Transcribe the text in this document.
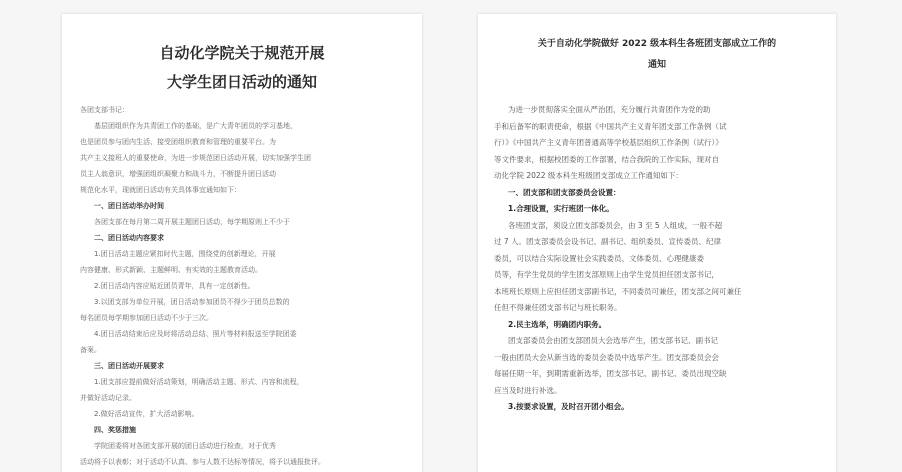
自动化学院关于规范开展
大学生团日活动的通知

各团支部书记：

基层团组织作为共青团工作的基础，是广大青年团员的学习基地，

也是团员参与团内生活、接受团组织教育和管理的重要平台。为

共产主义接班人的重要使命，为进一步规范团日活动开展，切实加强学生团

员主人翁意识，增强团组织凝聚力和战斗力，不断提升团日活动

规范化水平，现就团日活动有关具体事宜通知如下：

一、团日活动举办时间

各团支部在每月第二周开展主题团日活动，每学期原则上不少于

二、团日活动内容要求

1.团日活动主题应紧扣时代主题，围绕党的创新理论，开展

内容健康、形式新颖、主题鲜明、有实效的主题教育活动。

2.团日活动内容应贴近团员青年，具有一定创新性。

3.以团支部为单位开展，团日活动参加团员不得少于团员总数的

每名团员每学期参加团日活动不少于三次。

4.团日活动结束后应及时将活动总结、照片等材料报送至学院团委

备案。

三、团日活动开展要求

1.团支部应提前做好活动策划，明确活动主题、形式、内容和流程，

并做好活动记录。

2.做好活动宣传，扩大活动影响。

四、奖惩措施

学院团委将对各团支部开展的团日活动进行检查，对于优秀

活动将予以表彰；对于活动不认真、参与人数不达标等情况，将予以通报批评。

关于自动化学院做好 2022 级本科生各班团支部成立工作的
通知

为进一步贯彻落实全面从严治团，充分履行共青团作为党的助

手和后备军的职责使命，根据《中国共产主义青年团支部工作条例（试

行）》《中国共产主义青年团普通高等学校基层组织工作条例（试行）》

等文件要求，根据校团委的工作部署，结合我院的工作实际，现对自

动化学院 2022 级本科生班级团支部成立工作通知如下：

一、团支部和团支部委员会设置：

1.合理设置，实行班团一体化。

各班团支部，须设立团支部委员会，由 3 至 5 人组成，一般不超

过 7 人。团支部委员会设书记、副书记、组织委员、宣传委员、纪律

委员，可以结合实际设置社会实践委员、文体委员、心理健康委

员等，有学生党员的学生团支部原则上由学生党员担任团支部书记，

本班班长原则上应担任团支部副书记，不同委员可兼任，团支部之间可兼任

任但不得兼任团支部书记与班长职务。

2.民主选举，明确团内职务。

团支部委员会由团支部团员大会选举产生，团支部书记、副书记

一般由团员大会从新当选的委员会委员中选举产生。团支部委员会会

每届任期一年，到期需重新选举，团支部书记、副书记、委员出现空缺

应当及时进行补选。

3.按要求设置，及时召开团小组会。
